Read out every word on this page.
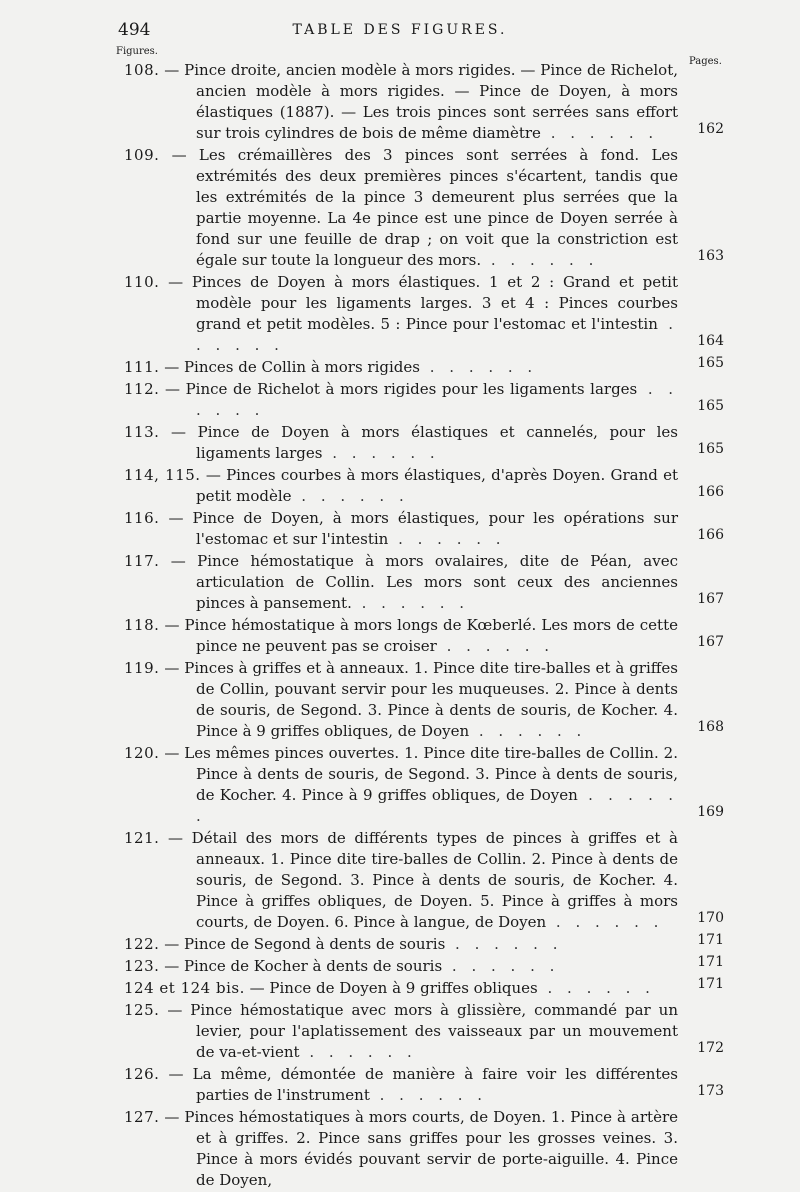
494	TABLE DES FIGURES.
Figures.
Pages.
108. — Pince droite, ancien modèle à mors rigides. — Pince de Richelot, ancien modèle à mors rigides. — Pince de Doyen, à mors élastiques (1887). — Les trois pinces sont serrées sans effort sur trois cylindres de bois de même diamètre . . . . . .	162
109. — Les crémaillères des 3 pinces sont serrées à fond. Les extrémités des deux premières pinces s'écartent, tandis que les extrémités de la pince 3 demeurent plus serrées que la partie moyenne. La 4e pince est une pince de Doyen serrée à fond sur une feuille de drap ; on voit que la constriction est égale sur toute la longueur des mors. . . . . . .	163
110. — Pinces de Doyen à mors élastiques. 1 et 2 : Grand et petit modèle pour les ligaments larges. 3 et 4 : Pinces courbes grand et petit modèles. 5 : Pince pour l'estomac et l'intestin . . . . . .	164
111. — Pinces de Collin à mors rigides . . . . . .	165
112. — Pince de Richelot à mors rigides pour les ligaments larges . . . . . .	165
113. — Pince de Doyen à mors élastiques et cannelés, pour les ligaments larges . . . . . .	165
114, 115. — Pinces courbes à mors élastiques, d'après Doyen. Grand et petit modèle . . . . . .	166
116. — Pince de Doyen, à mors élastiques, pour les opérations sur l'estomac et sur l'intestin . . . . . .	166
117. — Pince hémostatique à mors ovalaires, dite de Péan, avec articulation de Collin. Les mors sont ceux des anciennes pinces à pansement. . . . . . .	167
118. — Pince hémostatique à mors longs de Kœberlé. Les mors de cette pince ne peuvent pas se croiser . . . . . .	167
119. — Pinces à griffes et à anneaux. 1. Pince dite tire-balles et à griffes de Collin, pouvant servir pour les muqueuses. 2. Pince à dents de souris, de Segond. 3. Pince à dents de souris, de Kocher. 4. Pince à 9 griffes obliques, de Doyen . . . . . .	168
120. — Les mêmes pinces ouvertes. 1. Pince dite tire-balles de Collin. 2. Pince à dents de souris, de Segond. 3. Pince à dents de souris, de Kocher. 4. Pince à 9 griffes obliques, de Doyen . . . . . .	169
121. — Détail des mors de différents types de pinces à griffes et à anneaux. 1. Pince dite tire-balles de Collin. 2. Pince à dents de souris, de Segond. 3. Pince à dents de souris, de Kocher. 4. Pince à griffes obliques, de Doyen. 5. Pince à griffes à mors courts, de Doyen. 6. Pince à langue, de Doyen . . . . . .	170
122. — Pince de Segond à dents de souris . . . . . .	171
123. — Pince de Kocher à dents de souris . . . . . .	171
124 et 124 bis. — Pince de Doyen à 9 griffes obliques . . . . . .	171
125. — Pince hémostatique avec mors à glissière, commandé par un levier, pour l'aplatissement des vaisseaux par un mouvement de va-et-vient . . . . . .	172
126. — La même, démontée de manière à faire voir les différentes parties de l'instrument . . . . . .	173
127. — Pinces hémostatiques à mors courts, de Doyen. 1. Pince à artère et à griffes. 2. Pince sans griffes pour les grosses veines. 3. Pince à mors évidés pouvant servir de porte-aiguille. 4. Pince de Doyen,
